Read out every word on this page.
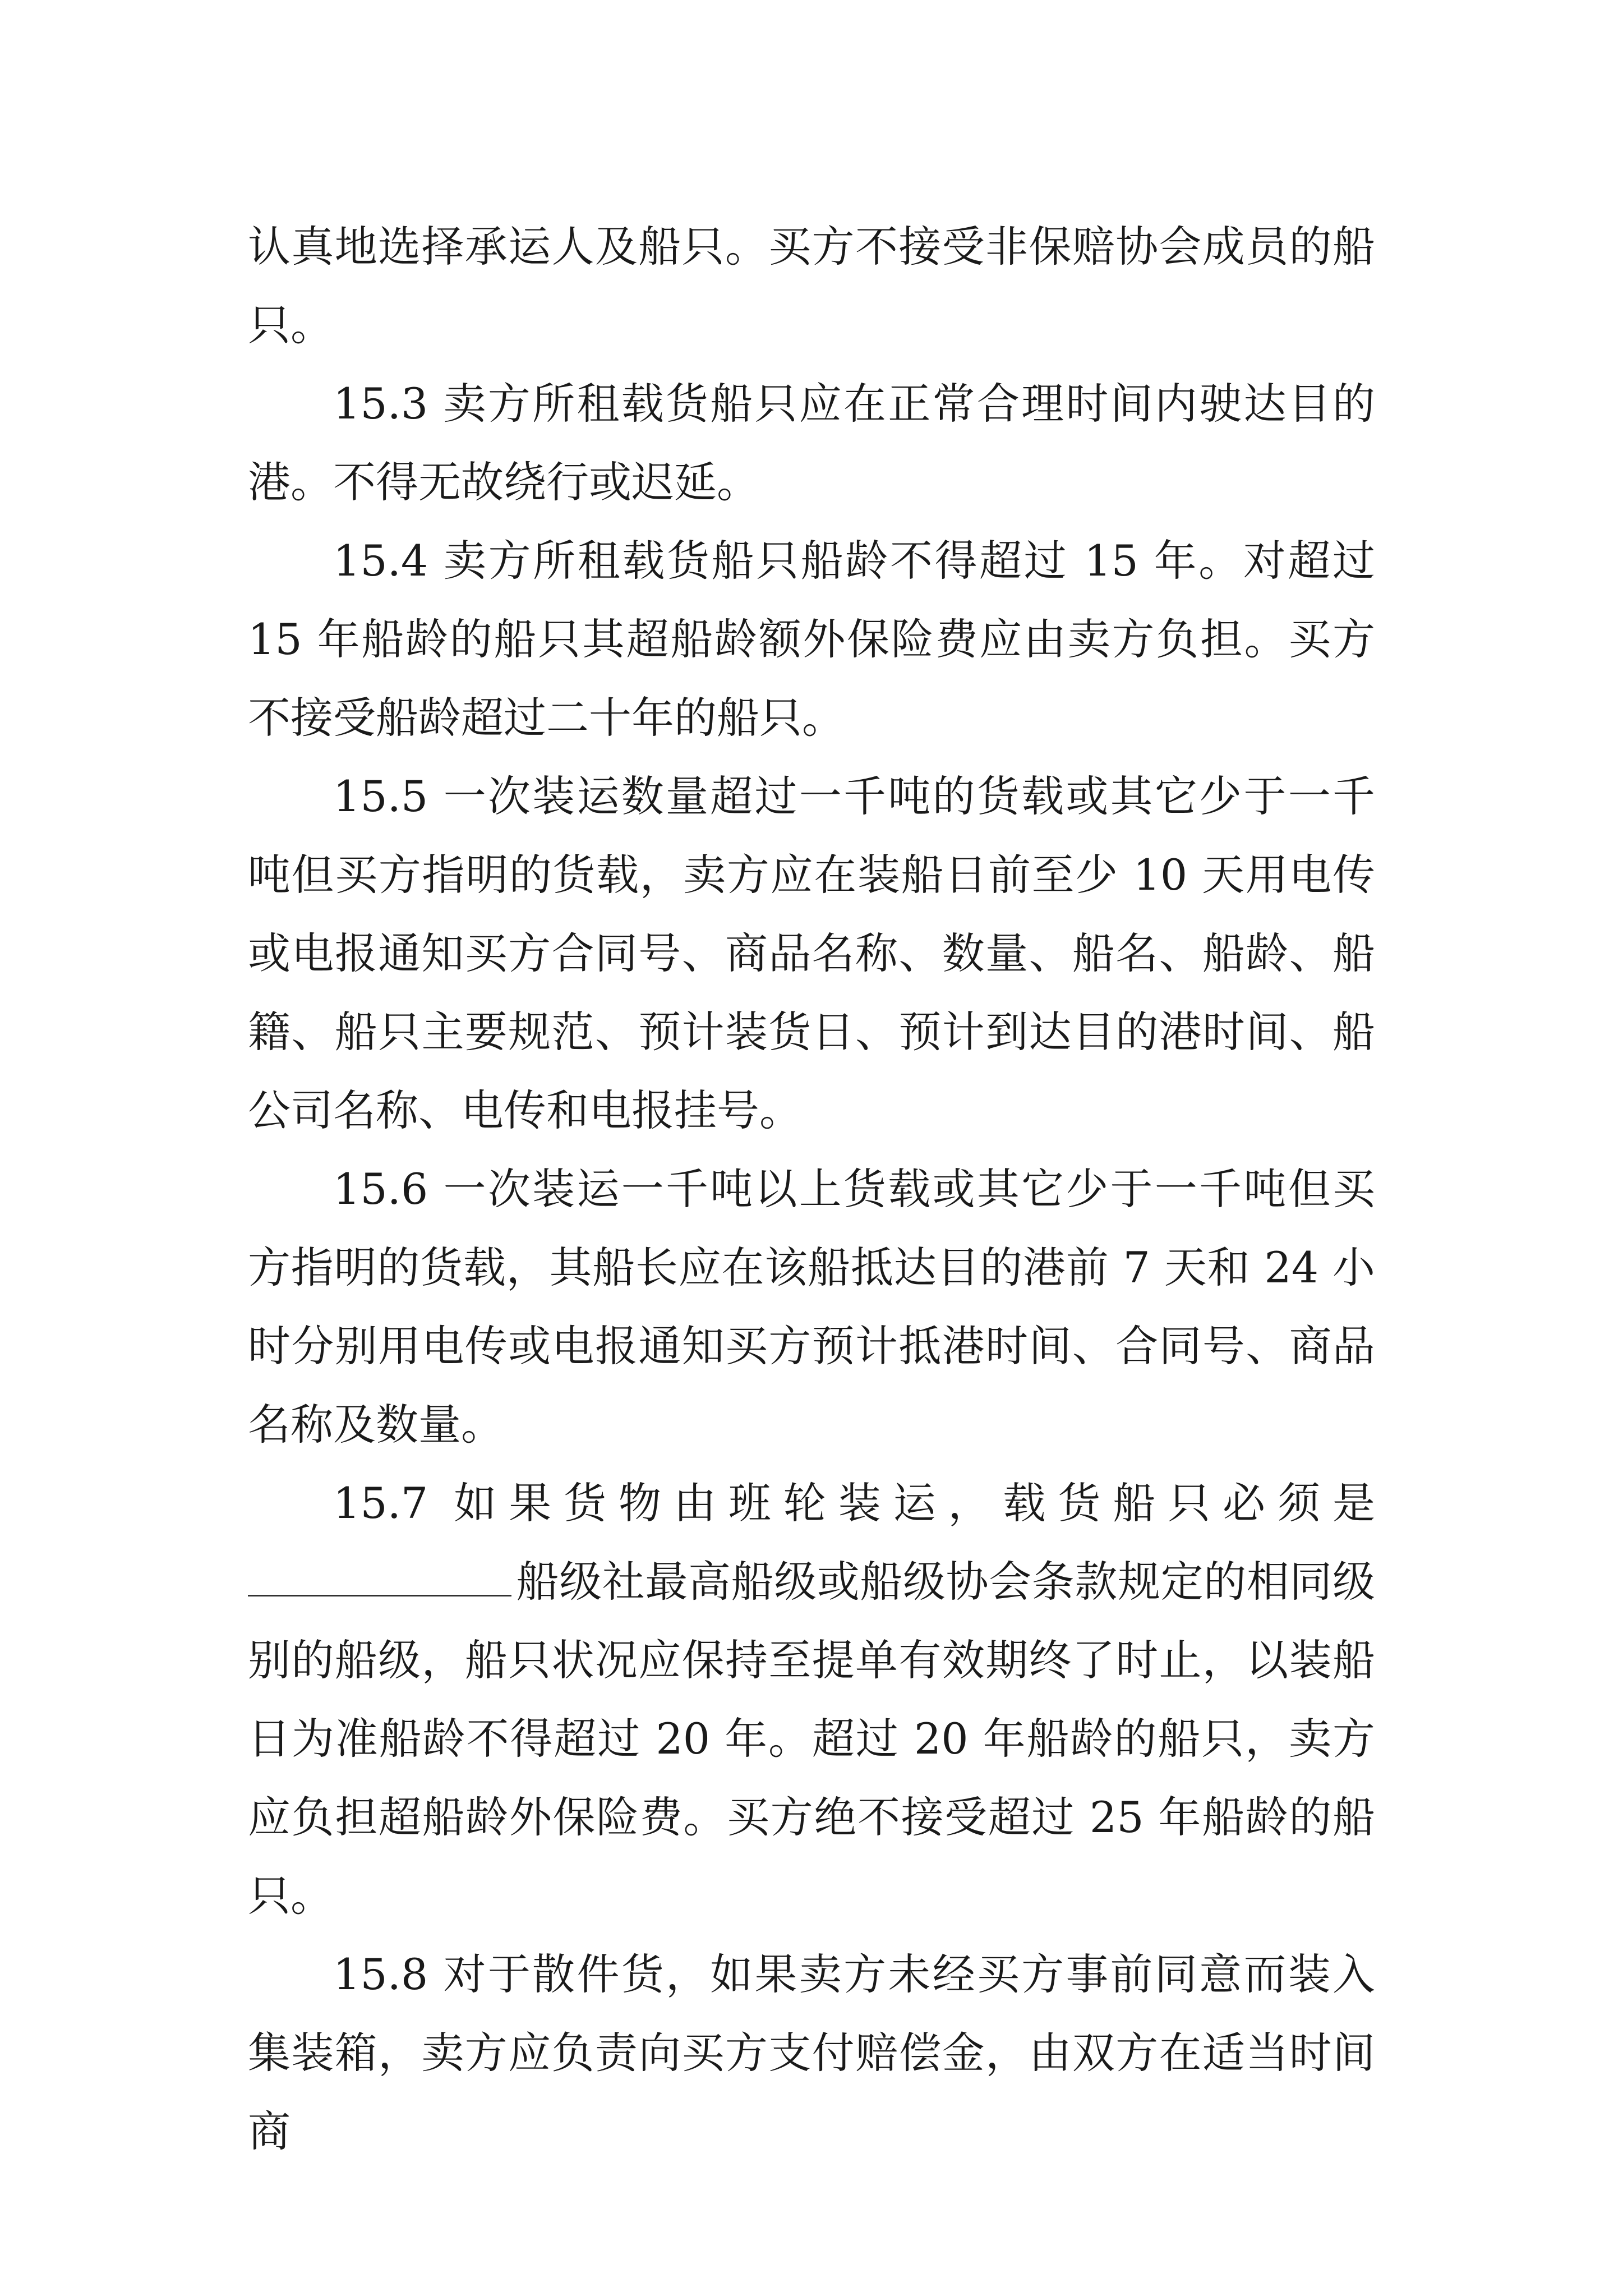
认真地选择承运人及船只。买方不接受非保赔协会成员的船只。

15.3 卖方所租载货船只应在正常合理时间内驶达目的港。不得无故绕行或迟延。

15.4 卖方所租载货船只船龄不得超过 15 年。对超过 15 年船龄的船只其超船龄额外保险费应由卖方负担。买方不接受船龄超过二十年的船只。

15.5 一次装运数量超过一千吨的货载或其它少于一千吨但买方指明的货载，卖方应在装船日前至少 10 天用电传或电报通知买方合同号、商品名称、数量、船名、船龄、船籍、船只主要规范、预计装货日、预计到达目的港时间、船公司名称、电传和电报挂号。

15.6 一次装运一千吨以上货载或其它少于一千吨但买方指明的货载，其船长应在该船抵达目的港前 7 天和 24 小时分别用电传或电报通知买方预计抵港时间、合同号、商品名称及数量。

15.7 如果货物由班轮装运，载货船只必须是船级社最高船级或船级协会条款规定的相同级别的船级，船只状况应保持至提单有效期终了时止，以装船日为准船龄不得超过 20 年。超过 20 年船龄的船只，卖方应负担超船龄外保险费。买方绝不接受超过 25 年船龄的船只。

15.8 对于散件货，如果卖方未经买方事前同意而装入集装箱，卖方应负责向买方支付赔偿金，由双方在适当时间商
